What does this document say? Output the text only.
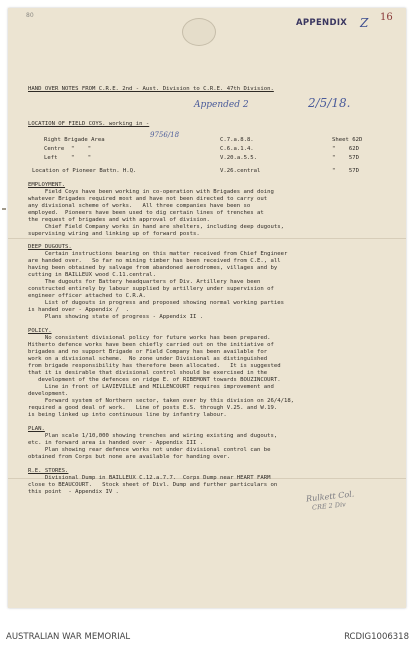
80
APPENDIX Z 16
HAND OVER NOTES FROM C.R.E. 2nd - Aust. Division to C.R.E. 47th Division.
Appended 2	2/5/18.
LOCATION OF FIELD COYS. working in -
9756/18
Right Brigade Area	C.7.a.8.8.	Sheet 62D
Centre  "    "	C.6.a.1.4.	"    62D
Left    "    "	V.20.a.5.5.	"    57D
Location of Pioneer Battn. H.Q.	V.26.central	"    57D
EMPLOYMENT.
Field Coys have been working in co-operation with Brigades and doing
whatever Brigades required most and have not been directed to carry out
any divisional scheme of works.   All three companies have been so
employed.  Pioneers have been used to dig certain lines of trenches at
the request of brigades and with approval of division.
Chief Field Company works in hand are shelters, including deep dugouts,
supervising wiring and linking up of forward posts.
DEEP DUGOUTS.
Certain instructions bearing on this matter received from Chief Engineer
are handed over.   So far no mining timber has been received from C.E., all
having been obtained by salvage from abandoned aerodromes, villages and by
cutting in BAILLEUX wood C.11.central.
The dugouts for Battery headquarters of Div. Artillery have been
constructed entirely by labour supplied by artillery under supervision of
engineer officer attached to C.R.A.
List of dugouts in progress and proposed showing normal working parties
is handed over - Appendix /  .
Plans showing state of progress - Appendix II .
POLICY.
No consistent divisional policy for future works has been prepared.
Hitherto defence works have been chiefly carried out on the initiative of
brigades and no support Brigade or Field Company has been available for
work on a divisional scheme.  No zone under Divisional as distinguished
from brigade responsibility has therefore been allocated.   It is suggested
that it is desirable that divisional control should be exercised in the
development of the defences on ridge E. of RIBEMONT towards BOUZINCOURT.
Line in front of LAVIEVILLE and MILLENCOURT requires improvement and
development.
Forward system of Northern sector, taken over by this division on 26/4/18,
required a good deal of work.   Line of posts E.S. through V.25. and W.19.
is being linked up into continuous line by infantry labour.
PLAN.
Plan scale 1/10,000 showing trenches and wiring existing and dugouts,
etc. in forward area is handed over - Appendix III .
Plan showing rear defence works not under divisional control can be
obtained from Corps but none are available for handing over.
R.E. STORES.
Divisional Dump in BAILLEUX C.12.a.7.7.  Corps Dump near HEART FARM
close to BEAUCOURT.   Stock sheet of Divl. Dump and further particulars on
this point  - Appendix IV .	Rulkett Col.
CRE 2 Div
AUSTRALIAN WAR MEMORIAL	RCDIG1006318
